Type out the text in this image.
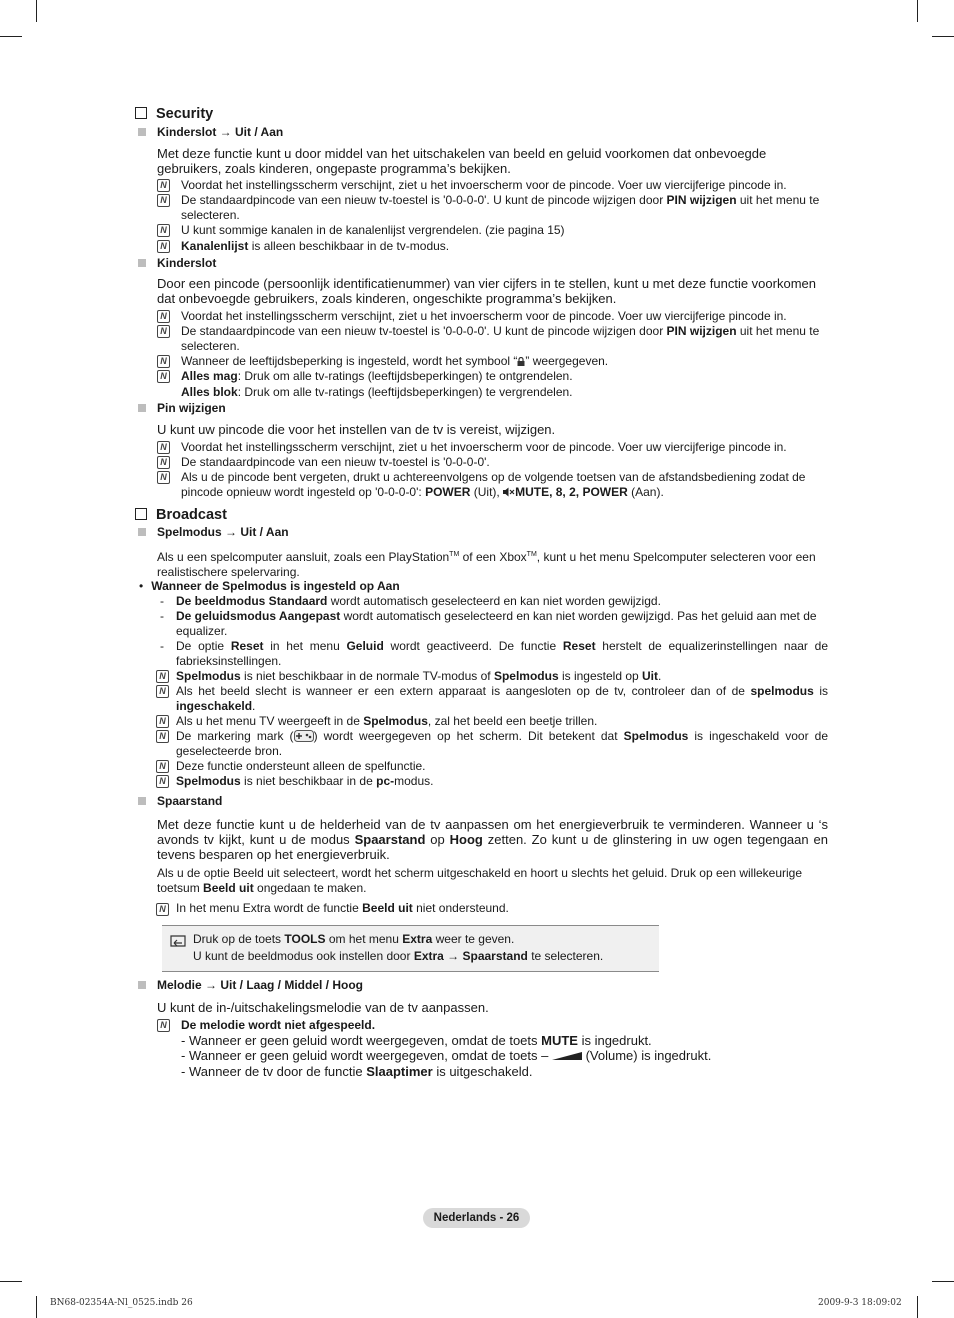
Security
Kinderslot → Uit / Aan
Met deze functie kunt u door middel van het uitschakelen van beeld en geluid voorkomen dat onbevoegde gebruikers, zoals kinderen, ongepaste programma’s bekijken.
N Voordat het instellingsscherm verschijnt, ziet u het invoerscherm voor de pincode. Voer uw viercijferige pincode in.
N De standaardpincode van een nieuw tv-toestel is '0-0-0-0'. U kunt de pincode wijzigen door PIN wijzigen uit het menu te selecteren.
N U kunt sommige kanalen in de kanalenlijst vergrendelen. (zie pagina 15)
N Kanalenlijst is alleen beschikbaar in de tv-modus.
Kinderslot
Door een pincode (persoonlijk identificatienummer) van vier cijfers in te stellen, kunt u met deze functie voorkomen dat onbevoegde gebruikers, zoals kinderen, ongeschikte programma’s bekijken.
N Voordat het instellingsscherm verschijnt, ziet u het invoerscherm voor de pincode. Voer uw viercijferige pincode in.
N De standaardpincode van een nieuw tv-toestel is '0-0-0-0'. U kunt de pincode wijzigen door PIN wijzigen uit het menu te selecteren.
N Wanneer de leeftijdsbeperking is ingesteld, wordt het symbool “ ” weergegeven.
N Alles mag: Druk om alle tv-ratings (leeftijdsbeperkingen) te ontgrendelen.
Alles blok: Druk om alle tv-ratings (leeftijdsbeperkingen) te vergrendelen.
Pin wijzigen
U kunt uw pincode die voor het instellen van de tv is vereist, wijzigen.
N Voordat het instellingsscherm verschijnt, ziet u het invoerscherm voor de pincode. Voer uw viercijferige pincode in.
N De standaardpincode van een nieuw tv-toestel is '0-0-0-0'.
N Als u de pincode bent vergeten, drukt u achtereenvolgens op de volgende toetsen van de afstandsbediening zodat de pincode opnieuw wordt ingesteld op '0-0-0-0': POWER (Uit), MUTE, 8, 2, POWER (Aan).
Broadcast
Spelmodus → Uit / Aan
Als u een spelcomputer aansluit, zoals een PlayStation™ of een Xbox™, kunt u het menu Spelcomputer selecteren voor een realistischere spelervaring.
• Wanneer de Spelmodus is ingesteld op Aan
- De beeldmodus Standaard wordt automatisch geselecteerd en kan niet worden gewijzigd.
- De geluidsmodus Aangepast wordt automatisch geselecteerd en kan niet worden gewijzigd. Pas het geluid aan met de equalizer.
- De optie Reset in het menu Geluid wordt geactiveerd. De functie Reset herstelt de equalizerinstellingen naar de fabrieksinstellingen.
N Spelmodus is niet beschikbaar in de normale TV-modus of Spelmodus is ingesteld op Uit.
N Als het beeld slecht is wanneer er een extern apparaat is aangesloten op de tv, controleer dan of de spelmodus is ingeschakeld.
N Als u het menu TV weergeeft in de Spelmodus, zal het beeld een beetje trillen.
N De markering mark ( ) wordt weergegeven op het scherm. Dit betekent dat Spelmodus is ingeschakeld voor de geselecteerde bron.
N Deze functie ondersteunt alleen de spelfunctie.
N Spelmodus is niet beschikbaar in de pc-modus.
Spaarstand
Met deze functie kunt u de helderheid van de tv aanpassen om het energieverbruik te verminderen. Wanneer u ‘s avonds tv kijkt, kunt u de modus Spaarstand op Hoog zetten. Zo kunt u de glinstering in uw ogen tegengaan en tevens besparen op het energieverbruik.
Als u de optie Beeld uit selecteert, wordt het scherm uitgeschakeld en hoort u slechts het geluid. Druk op een willekeurige toetsum Beeld uit ongedaan te maken.
N In het menu Extra wordt de functie Beeld uit niet ondersteund.
Druk op de toets TOOLS om het menu Extra weer te geven.
U kunt de beeldmodus ook instellen door Extra → Spaarstand te selecteren.
Melodie → Uit / Laag / Middel / Hoog
U kunt de in-/uitschakelingsmelodie van de tv aanpassen.
N De melodie wordt niet afgespeeld.
- Wanneer er geen geluid wordt weergegeven, omdat de toets MUTE is ingedrukt.
- Wanneer er geen geluid wordt weergegeven, omdat de toets –  (Volume) is ingedrukt.
- Wanneer de tv door de functie Slaaptimer is uitgeschakeld.
Nederlands - 26
BN68-02354A-Nl_0525.indb 26	2009-9-3 18:09:02
